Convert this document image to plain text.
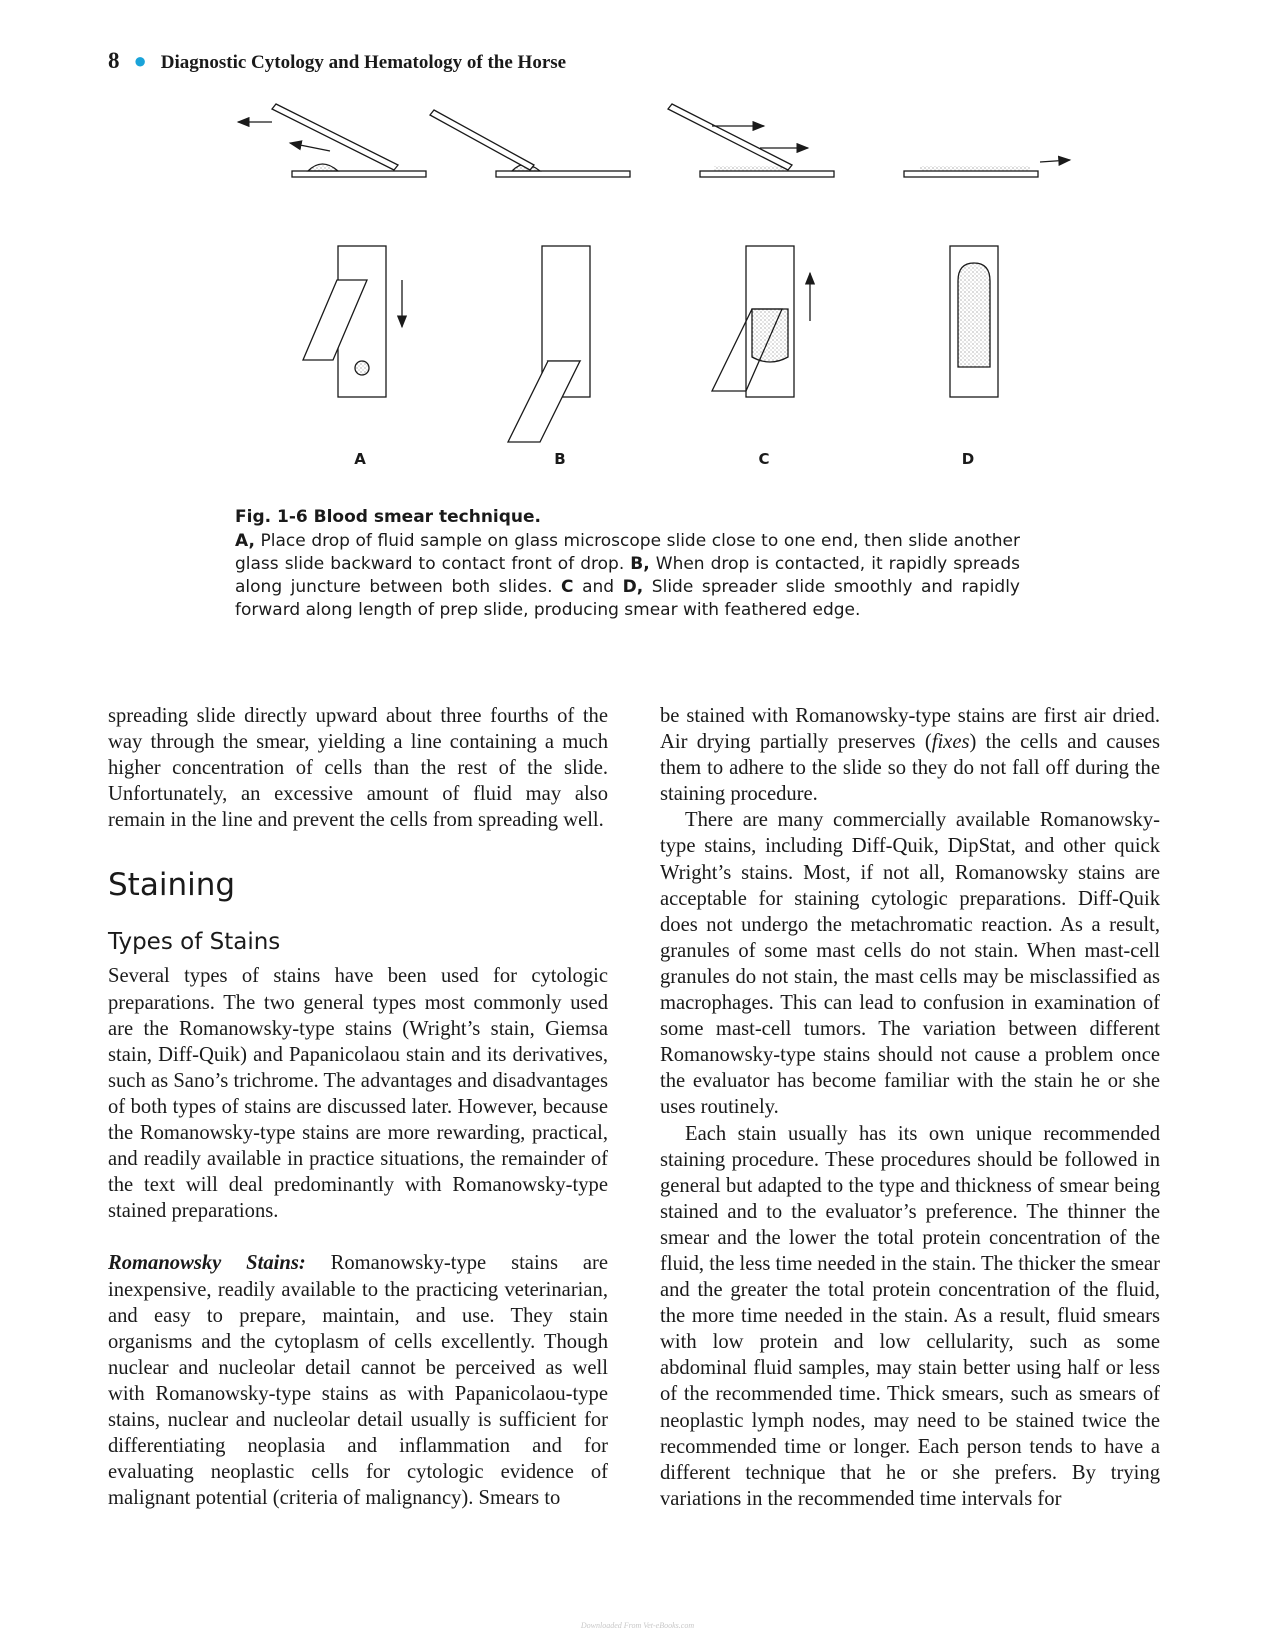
8 ● Diagnostic Cytology and Hematology of the Horse
A	B	C	D
Fig. 1-6 Blood smear technique.

A, Place drop of fluid sample on glass microscope slide close to one end, then slide another glass slide backward to contact front of drop. B, When drop is contacted, it rapidly spreads along juncture between both slides. C and D, Slide spreader slide smoothly and rapidly forward along length of prep slide, producing smear with feathered edge.

spreading slide directly upward about three fourths of the way through the smear, yielding a line containing a much higher concentration of cells than the rest of the slide. Unfortunately, an excessive amount of fluid may also remain in the line and prevent the cells from spreading well.

Staining
Types of Stains

Several types of stains have been used for cytologic preparations. The two general types most commonly used are the Romanowsky-type stains (Wright’s stain, Giemsa stain, Diff-Quik) and Papanicolaou stain and its derivatives, such as Sano’s trichrome. The advantages and disadvantages of both types of stains are discussed later. However, because the Romanowsky-type stains are more rewarding, practical, and readily available in practice situations, the remainder of the text will deal predominantly with Romanowsky-type stained preparations.

Romanowsky Stains: Romanowsky-type stains are inexpensive, readily available to the practicing veterinarian, and easy to prepare, maintain, and use. They stain organisms and the cytoplasm of cells excellently. Though nuclear and nucleolar detail cannot be perceived as well with Romanowsky-type stains as with Papanicolaou-type stains, nuclear and nucleolar detail usually is sufficient for differentiating neoplasia and inflammation and for evaluating neoplastic cells for cytologic evidence of malignant potential (criteria of malignancy). Smears to

be stained with Romanowsky-type stains are first air dried. Air drying partially preserves (fixes) the cells and causes them to adhere to the slide so they do not fall off during the staining procedure.

There are many commercially available Romanowsky-type stains, including Diff-Quik, DipStat, and other quick Wright’s stains. Most, if not all, Romanowsky stains are acceptable for staining cytologic preparations. Diff-Quik does not undergo the metachromatic reaction. As a result, granules of some mast cells do not stain. When mast-cell granules do not stain, the mast cells may be misclassified as macrophages. This can lead to confusion in examination of some mast-cell tumors. The variation between different Romanowsky-type stains should not cause a problem once the evaluator has become familiar with the stain he or she uses routinely.

Each stain usually has its own unique recommended staining procedure. These procedures should be followed in general but adapted to the type and thickness of smear being stained and to the evaluator’s preference. The thinner the smear and the lower the total protein concentration of the fluid, the less time needed in the stain. The thicker the smear and the greater the total protein concentration of the fluid, the more time needed in the stain. As a result, fluid smears with low protein and low cellularity, such as some abdominal fluid samples, may stain better using half or less of the recommended time. Thick smears, such as smears of neoplastic lymph nodes, may need to be stained twice the recommended time or longer. Each person tends to have a different technique that he or she prefers. By trying variations in the recommended time intervals for

Downloaded From Vet-eBooks.com
